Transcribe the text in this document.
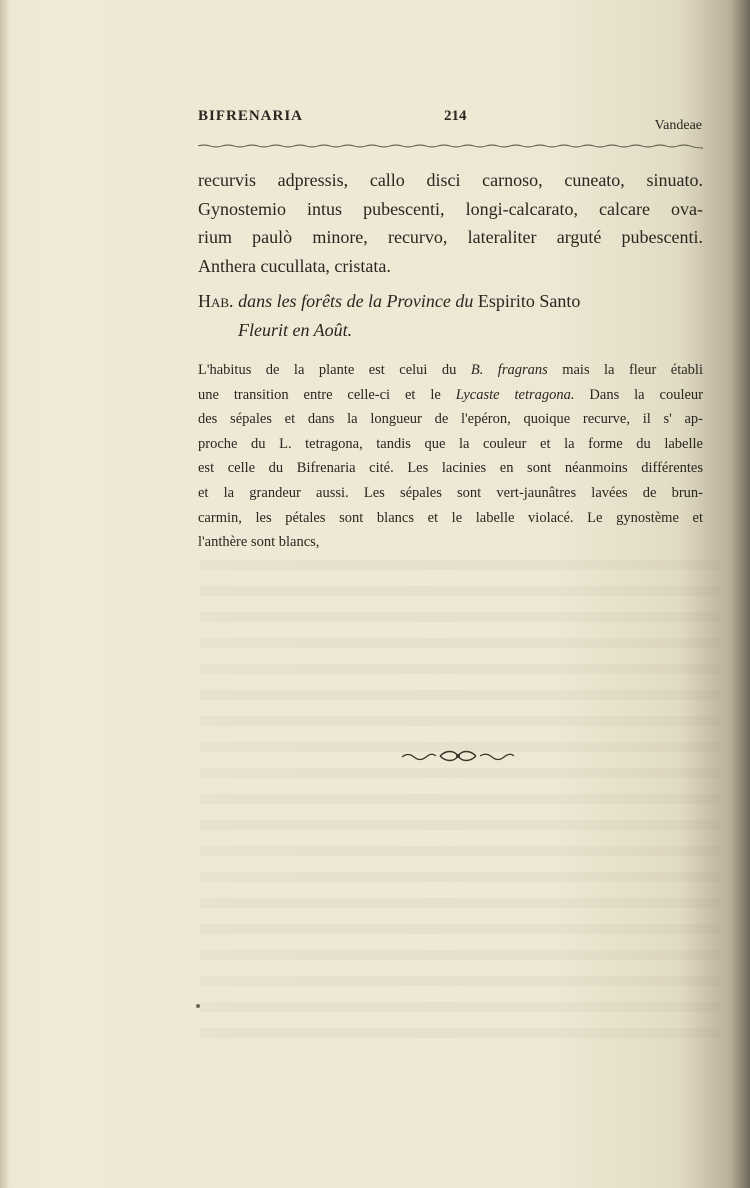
BIFRENARIA	214
Vandeae
recurvis adpressis, callo disci carnoso, cuneato, sinuato.
Gynostemio intus pubescenti, longi-calcarato, calcare ova-
rium paulò minore, recurvo, lateraliter arguté pubescenti.
Anthera cucullata, cristata.
Hab. dans les forêts de la Province du Espirito Santo
Fleurit en Août.
L'habitus de la plante est celui du B. fragrans mais la fleur établi
une transition entre celle-ci et le Lycaste tetragona. Dans la couleur
des sépales et dans la longueur de l'epéron, quoique recurve, il s' ap-
proche du L. tetragona, tandis que la couleur et la forme du labelle
est celle du Bifrenaria cité. Les lacinies en sont néanmoins différentes
et la grandeur aussi. Les sépales sont vert-jaunâtres lavées de brun-
carmin, les pétales sont blancs et le labelle violacé. Le gynostème et
l'anthère sont blancs,
